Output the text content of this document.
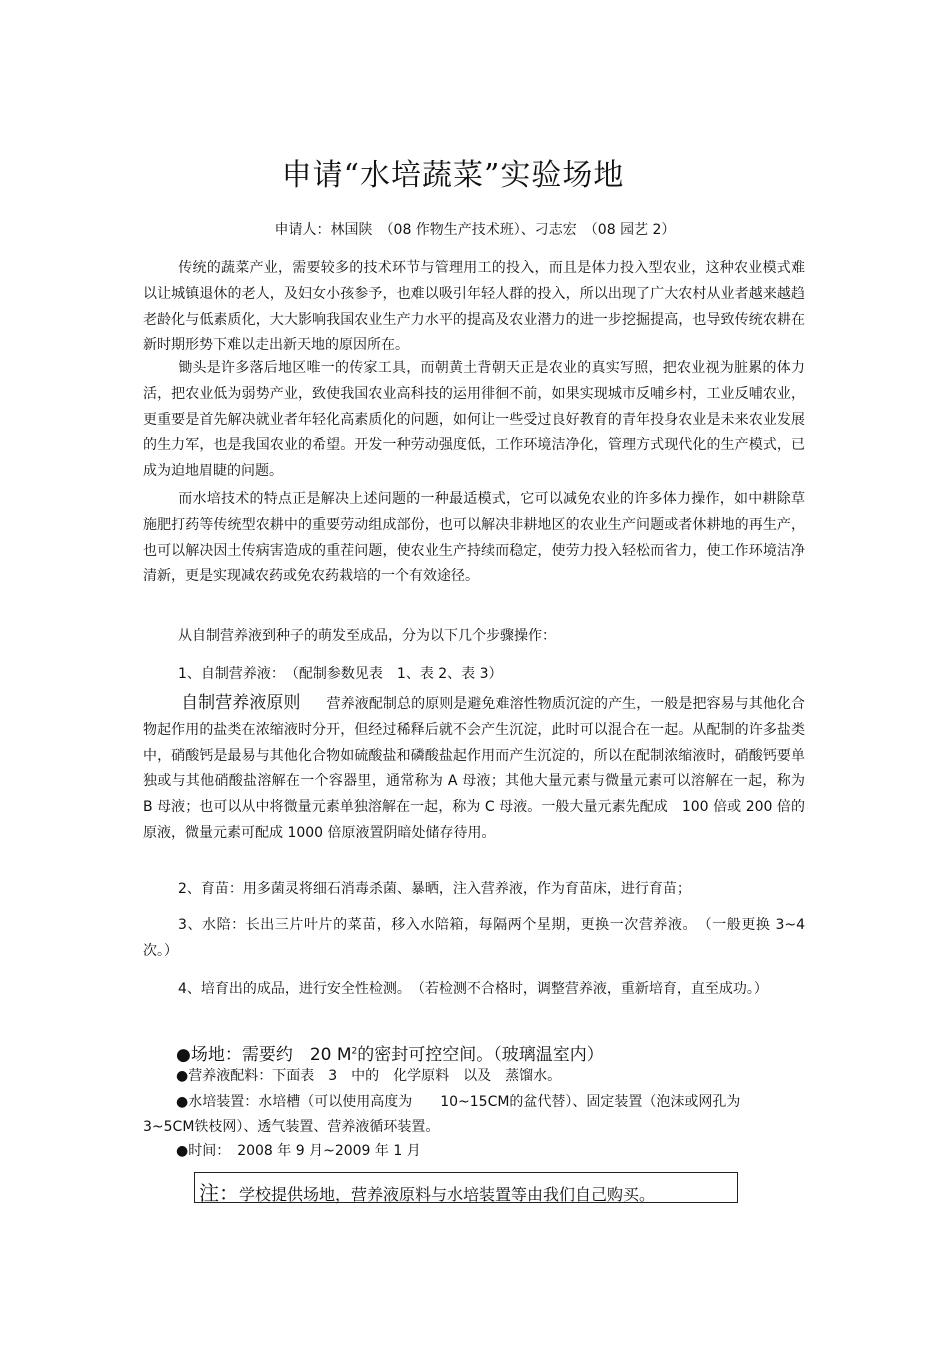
申请“水培蔬菜”实验场地
申请人：林国陕　（08 作物生产技术班）、刁志宏　（08 园艺 2）
传统的蔬菜产业，需要较多的技术环节与管理用工的投入，而且是体力投入型农业，这种农业模式难以让城镇退休的老人，及妇女小孩参予，也难以吸引年轻人群的投入，所以出现了广大农村从业者越来越趋老龄化与低素质化，大大影响我国农业生产力水平的提高及农业潜力的进一步挖掘提高，也导致传统农耕在新时期形势下难以走出新天地的原因所在。
锄头是许多落后地区唯一的传家工具，而朝黄土背朝天正是农业的真实写照，把农业视为脏累的体力活，把农业低为弱势产业，致使我国农业高科技的运用徘徊不前，如果实现城市反哺乡村，工业反哺农业，更重要是首先解决就业者年轻化高素质化的问题，如何让一些受过良好教育的青年投身农业是未来农业发展的生力军，也是我国农业的希望。开发一种劳动强度低，工作环境洁净化，管理方式现代化的生产模式，已成为迫地眉睫的问题。
而水培技术的特点正是解决上述问题的一种最适模式，它可以减免农业的许多体力操作，如中耕除草施肥打药等传统型农耕中的重要劳动组成部份，也可以解决非耕地区的农业生产问题或者休耕地的再生产，也可以解决因土传病害造成的重茬问题，使农业生产持续而稳定，使劳力投入轻松而省力，使工作环境洁净清新，更是实现减农药或免农药栽培的一个有效途径。
从自制营养液到种子的萌发至成品，分为以下几个步骤操作：
1、自制营养液：　（配制参数见表　1、表 2、表 3）
自制营养液原则 营养液配制总的原则是避免难溶性物质沉淀的产生，一般是把容易与其他化合物起作用的盐类在浓缩液时分开，但经过稀释后就不会产生沉淀，此时可以混合在一起。从配制的许多盐类中，硝酸钙是最易与其他化合物如硫酸盐和磷酸盐起作用而产生沉淀的，所以在配制浓缩液时，硝酸钙要单独或与其他硝酸盐溶解在一个容器里，通常称为 A 母液；其他大量元素与微量元素可以溶解在一起，称为 B 母液；也可以从中将微量元素单独溶解在一起，称为 C 母液。一般大量元素先配成　100 倍或 200 倍的原液，微量元素可配成 1000 倍原液置阴暗处储存待用。
2、育苗：用多菌灵将细石消毒杀菌、暴晒，注入营养液，作为育苗床，进行育苗；
3、水陪：长出三片叶片的菜苗，移入水陪箱，每隔两个星期，更换一次营养液。　（一般更换 3~4 次。）
4、培育出的成品，进行安全性检测。　（若检测不合格时，调整营养液，重新培育，直至成功。）
●场地：需要约　20 $M^2$的密封可控空间。（玻璃温室内）
●营养液配料：下面表　3　中的　化学原料　以及　蒸馏水。
●水培装置：水培槽（可以使用高度为　　10~15CM的盆代替）、固定装置（泡沫或网孔为
3~5CM铁枝网）、透气装置、营养液循环装置。
●时间：　2008 年 9 月~2009 年 1 月
注：学校提供场地，营养液原料与水培装置等由我们自己购买。
